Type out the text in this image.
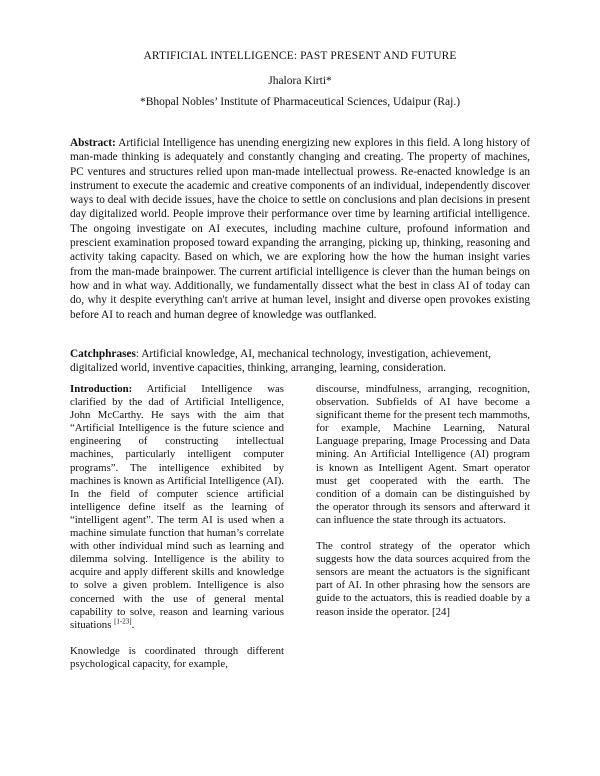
ARTIFICIAL INTELLIGENCE: PAST PRESENT AND FUTURE
Jhalora Kirti*
*Bhopal Nobles’ Institute of Pharmaceutical Sciences, Udaipur (Raj.)
Abstract: Artificial Intelligence has unending energizing new explores in this field. A long history of man-made thinking is adequately and constantly changing and creating. The property of machines, PC ventures and structures relied upon man-made intellectual prowess. Re-enacted knowledge is an instrument to execute the academic and creative components of an individual, independently discover ways to deal with decide issues, have the choice to settle on conclusions and plan decisions in present day digitalized world. People improve their performance over time by learning artificial intelligence. The ongoing investigate on AI executes, including machine culture, profound information and prescient examination proposed toward expanding the arranging, picking up, thinking, reasoning and activity taking capacity. Based on which, we are exploring how the how the human insight varies from the man-made brainpower. The current artificial intelligence is clever than the human beings on how and in what way. Additionally, we fundamentally dissect what the best in class AI of today can do, why it despite everything can't arrive at human level, insight and diverse open provokes existing before AI to reach and human degree of knowledge was outflanked.
Catchphrases: Artificial knowledge, AI, mechanical technology, investigation, achievement, digitalized world, inventive capacities, thinking, arranging, learning, consideration.

Introduction: Artificial Intelligence was clarified by the dad of Artificial Intelligence, John McCarthy. He says with the aim that “Artificial Intelligence is the future science and engineering of constructing intellectual machines, particularly intelligent computer programs”. The intelligence exhibited by machines is known as Artificial Intelligence (AI). In the field of computer science artificial intelligence define itself as the learning of “intelligent agent”. The term AI is used when a machine simulate function that human’s correlate with other individual mind such as learning and dilemma solving. Intelligence is the ability to acquire and apply different skills and knowledge to solve a given problem. Intelligence is also concerned with the use of general mental capability to solve, reason and learning various situations [1-23].

Knowledge is coordinated through different psychological capacity, for example,

discourse, mindfulness, arranging, recognition, observation. Subfields of AI have become a significant theme for the present tech mammoths, for example, Machine Learning, Natural Language preparing, Image Processing and Data mining. An Artificial Intelligence (AI) program is known as Intelligent Agent. Smart operator must get cooperated with the earth. The condition of a domain can be distinguished by the operator through its sensors and afterward it can influence the state through its actuators.

The control strategy of the operator which suggests how the data sources acquired from the sensors are meant the actuators is the significant part of AI. In other phrasing how the sensors are guide to the actuators, this is readied doable by a reason inside the operator. [24]
